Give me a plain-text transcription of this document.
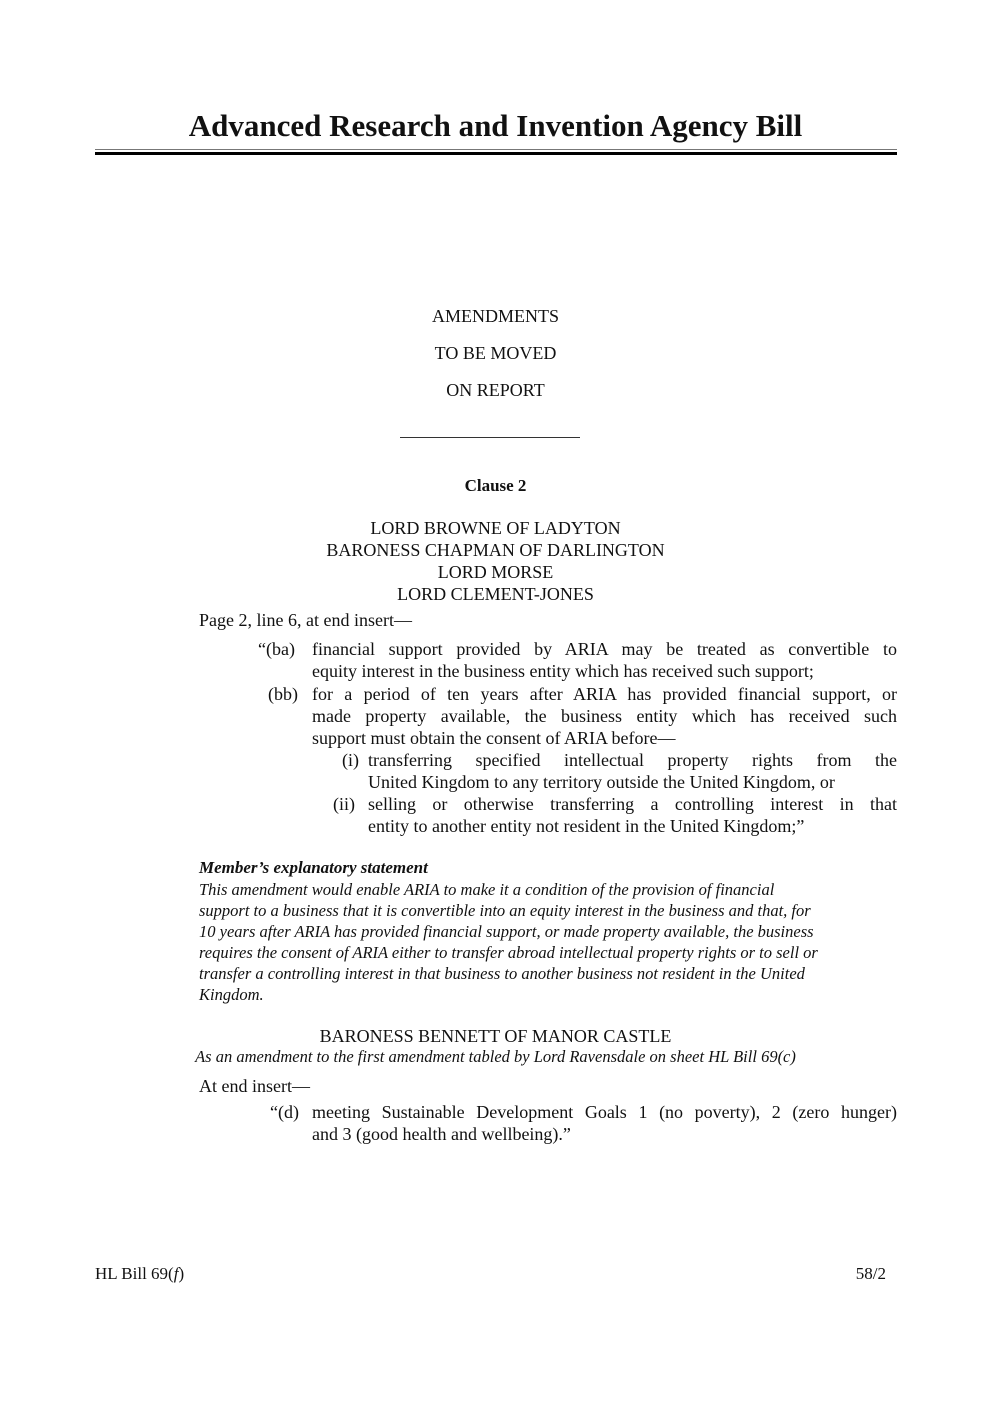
Advanced Research and Invention Agency Bill
AMENDMENTS
TO BE MOVED
ON REPORT
Clause 2
LORD BROWNE OF LADYTON
BARONESS CHAPMAN OF DARLINGTON
LORD MORSE
LORD CLEMENT-JONES
Page 2, line 6, at end insert—
“(ba) financial support provided by ARIA may be treated as convertible to
equity interest in the business entity which has received such support;
(bb) for a period of ten years after ARIA has provided financial support, or
made property available, the business entity which has received such
support must obtain the consent of ARIA before—
(i) transferring specified intellectual property rights from the
United Kingdom to any territory outside the United Kingdom, or
(ii) selling or otherwise transferring a controlling interest in that
entity to another entity not resident in the United Kingdom;”
Member’s explanatory statement
This amendment would enable ARIA to make it a condition of the provision of financial
support to a business that it is convertible into an equity interest in the business and that, for
10 years after ARIA has provided financial support, or made property available, the business
requires the consent of ARIA either to transfer abroad intellectual property rights or to sell or
transfer a controlling interest in that business to another business not resident in the United
Kingdom.
BARONESS BENNETT OF MANOR CASTLE
As an amendment to the first amendment tabled by Lord Ravensdale on sheet HL Bill 69(c)
At end insert—
“(d) meeting Sustainable Development Goals 1 (no poverty), 2 (zero hunger)
and 3 (good health and wellbeing).”
HL Bill 69(f)	58/2
